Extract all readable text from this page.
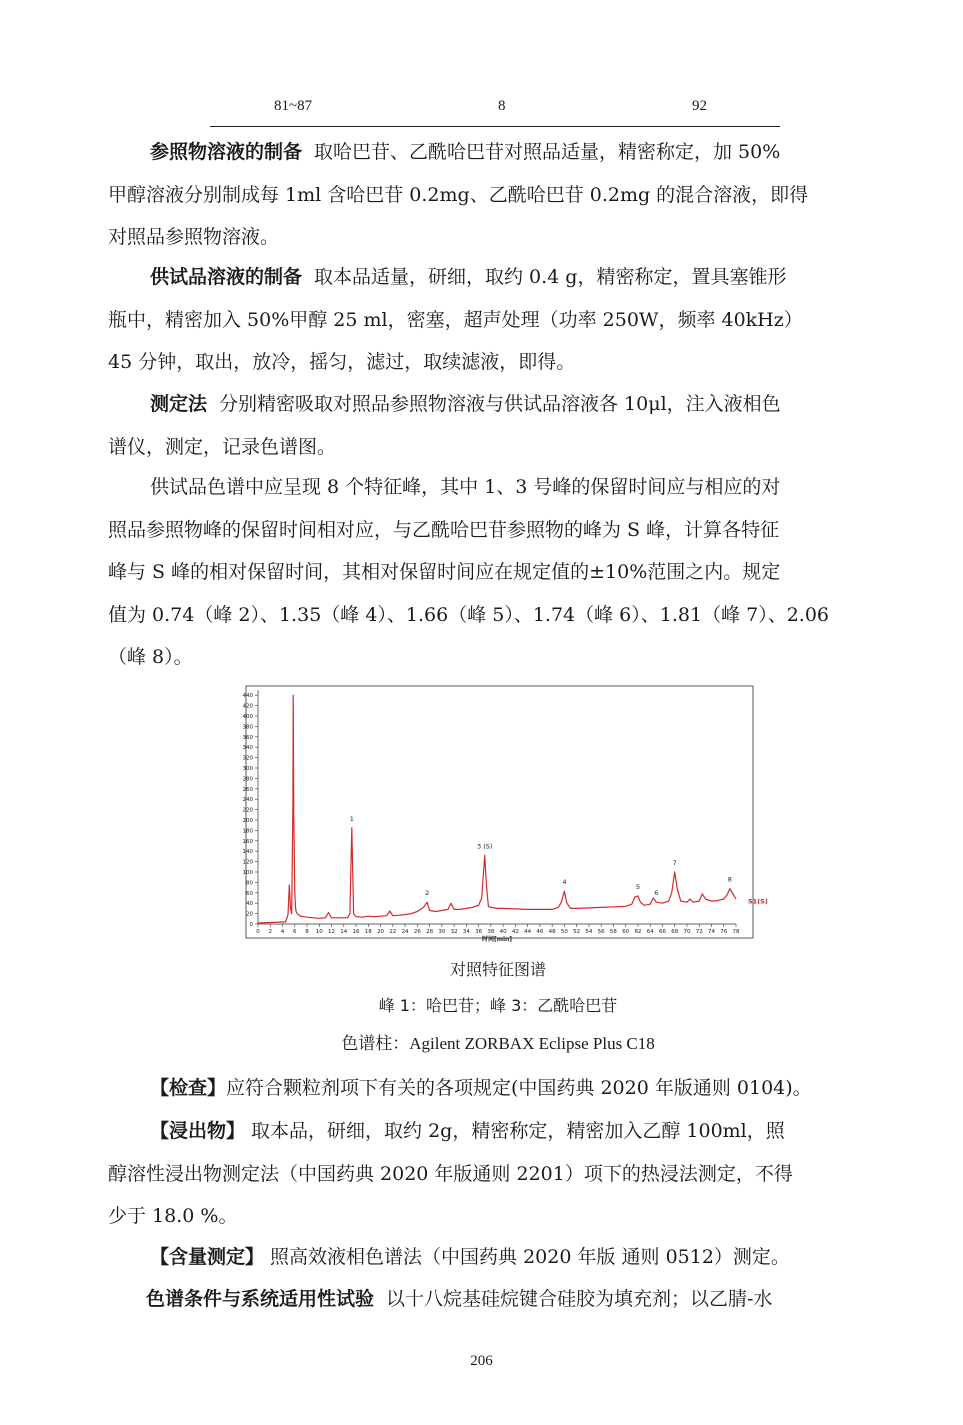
81~87	8	92
参照物溶液的制备 取哈巴苷、乙酰哈巴苷对照品适量，精密称定，加 50%
甲醇溶液分别制成每 1ml 含哈巴苷 0.2mg、乙酰哈巴苷 0.2mg 的混合溶液，即得
对照品参照物溶液。
供试品溶液的制备 取本品适量，研细，取约 0.4 g，精密称定，置具塞锥形
瓶中，精密加入 50%甲醇 25 ml，密塞，超声处理（功率 250W，频率 40kHz）
45 分钟，取出，放冷，摇匀，滤过，取续滤液，即得。
测定法 分别精密吸取对照品参照物溶液与供试品溶液各 10μl，注入液相色
谱仪，测定，记录色谱图。
供试品色谱中应呈现 8 个特征峰，其中 1、3 号峰的保留时间应与相应的对
照品参照物峰的保留时间相对应，与乙酰哈巴苷参照物的峰为 S 峰，计算各特征
峰与 S 峰的相对保留时间，其相对保留时间应在规定值的±10%范围之内。规定
值为 0.74（峰 2）、1.35（峰 4）、1.66（峰 5）、1.74（峰 6）、1.81（峰 7）、2.06
（峰 8）。
0
20
40
60
80
100
120
140
160
180
200
220
240
260
280
300
320
340
360
380
400
420
440
0 2 4 6 8 10 12 14 16 18 20 22 24 26 28 30 32 34 36 38 40 42 44 46 48 50 52 54 56 58 60 62 64 66 68 70 72 74 76 78
时间[min]
S1(S)
1
2
3 (S)
4
5
6
7
8
对照特征图谱
峰 1：哈巴苷；峰 3：乙酰哈巴苷
色谱柱：Agilent ZORBAX Eclipse Plus C18
【检查】应符合颗粒剂项下有关的各项规定(中国药典 2020 年版通则 0104)。
【浸出物】 取本品，研细，取约 2g，精密称定，精密加入乙醇 100ml，照
醇溶性浸出物测定法（中国药典 2020 年版通则 2201）项下的热浸法测定，不得
少于 18.0 %。
【含量测定】 照高效液相色谱法（中国药典 2020 年版 通则 0512）测定。
色谱条件与系统适用性试验 以十八烷基硅烷键合硅胶为填充剂；以乙腈-水
206
